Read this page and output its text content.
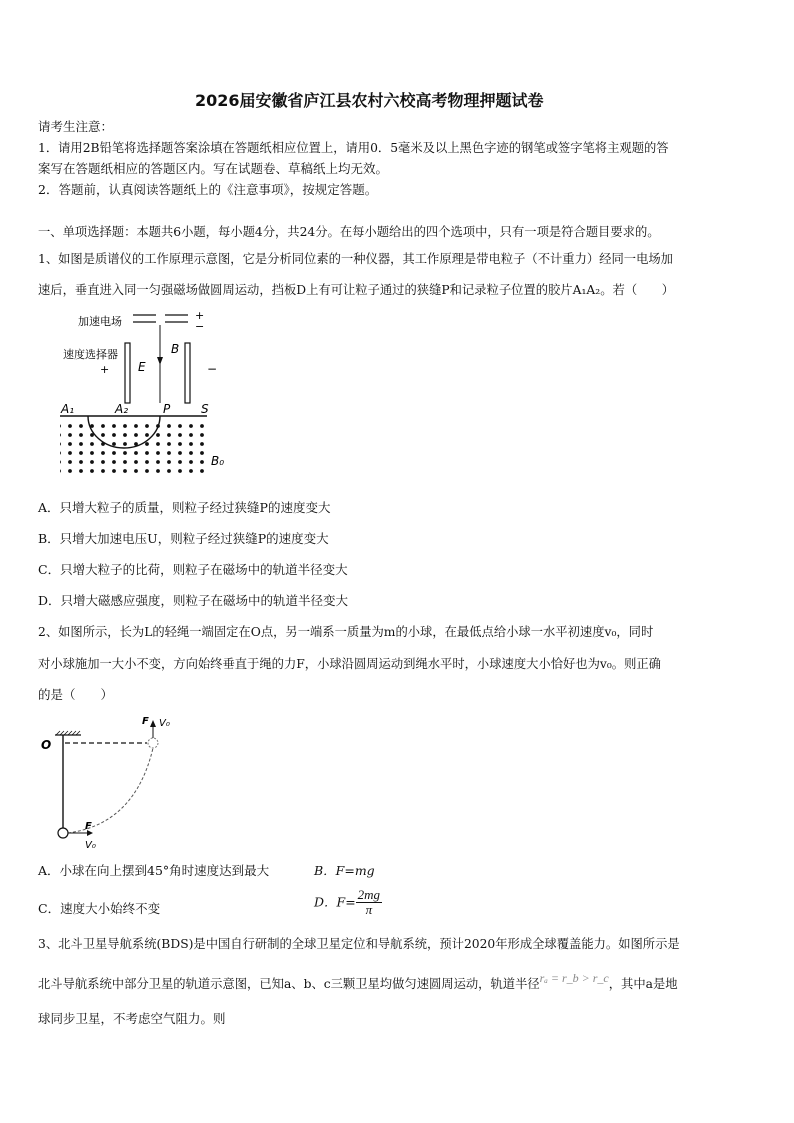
2026届安徽省庐江县农村六校高考物理押题试卷
请考生注意：
1．请用2B铅笔将选择题答案涂填在答题纸相应位置上，请用0．5毫米及以上黑色字迹的钢笔或签字笔将主观题的答
案写在答题纸相应的答题区内。写在试题卷、草稿纸上均无效。
2．答题前，认真阅读答题纸上的《注意事项》，按规定答题。
一、单项选择题：本题共6小题，每小题4分，共24分。在每小题给出的四个选项中，只有一项是符合题目要求的。
1、如图是质谱仪的工作原理示意图，它是分析同位素的一种仪器，其工作原理是带电粒子（不计重力）经同一电场加
速后，垂直进入同一匀强磁场做圆周运动，挡板D上有可让粒子通过的狭缝P和记录粒子位置的胶片A₁A₂。若（　　）
加速电场	+
−
速度选择器
+ E
B
−
A₁	A₂	P	S
B₀
A．只增大粒子的质量，则粒子经过狭缝P的速度变大
B．只增大加速电压U，则粒子经过狭缝P的速度变大
C．只增大粒子的比荷，则粒子在磁场中的轨道半径变大
D．只增大磁感应强度，则粒子在磁场中的轨道半径变大
2、如图所示，长为L的轻绳一端固定在O点，另一端系一质量为m的小球，在最低点给小球一水平初速度v₀，同时
对小球施加一大小不变，方向始终垂直于绳的力F，小球沿圆周运动到绳水平时，小球速度大小恰好也为v₀。则正确
的是（　　）
O
F V₀
F
V₀
A．小球在向上摆到45°角时速度达到最大	B．F=mg
C．速度大小始终不变	D．$F= \frac{2mg}{\pi}$
3、北斗卫星导航系统(BDS)是中国自行研制的全球卫星定位和导航系统，预计2020年形成全球覆盖能力。如图所示是
北斗导航系统中部分卫星的轨道示意图，已知a、b、c三颗卫星均做匀速圆周运动，轨道半径rₐ = r_b > r_c，其中a是地
球同步卫星，不考虑空气阻力。则
